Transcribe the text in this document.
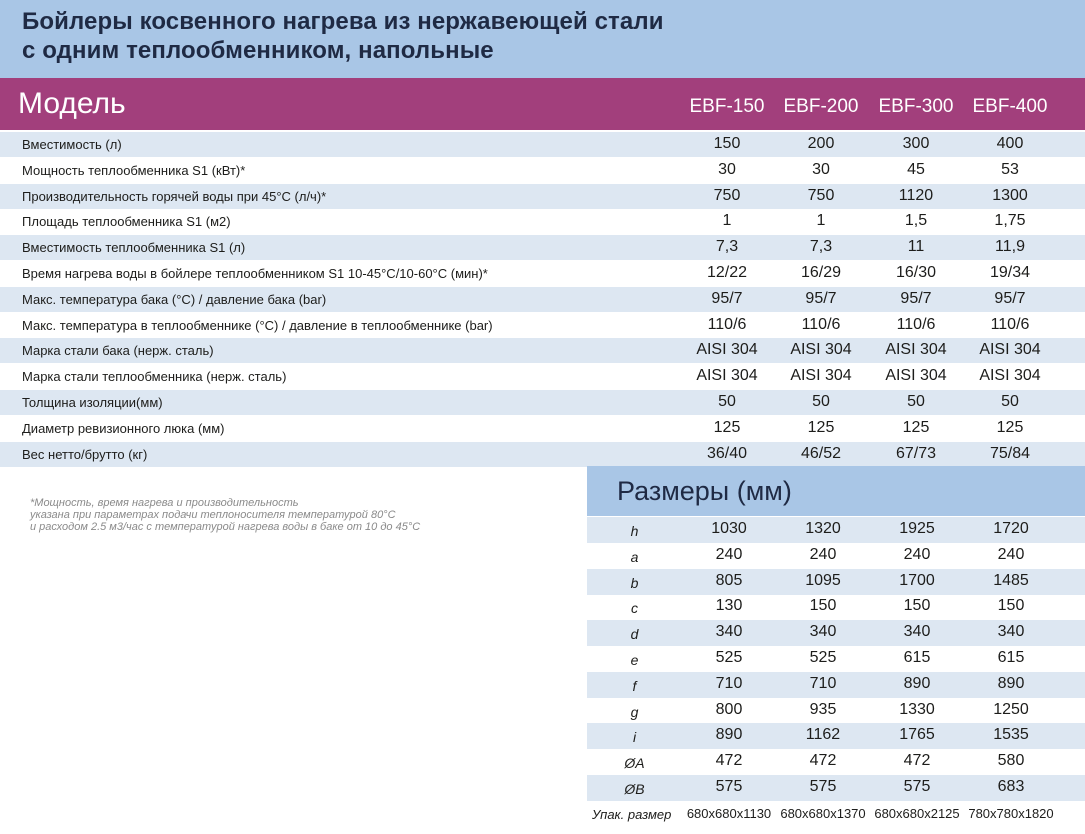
Бойлеры косвенного нагрева из нержавеющей стали
с одним теплообменником, напольные
Модель	EBF-150	EBF-200	EBF-300	EBF-400
Вместимость (л)	150	200	300	400
Мощность теплообменника S1 (кВт)*	30	30	45	53
Производительность горячей воды при 45°С (л/ч)*	750	750	1120	1300
Площадь теплообменника S1 (м2)	1	1	1,5	1,75
Вместимость теплообменника S1 (л)	7,3	7,3	11	11,9
Время нагрева воды в бойлере теплообменником S1 10-45°С/10-60°С (мин)*	12/22	16/29	16/30	19/34
Макс. температура бака (°С) / давление бака (bar)	95/7	95/7	95/7	95/7
Макс. температура в теплообменнике (°С) / давление в теплообменнике (bar)	110/6	110/6	110/6	110/6
Марка стали бака (нерж. сталь)	AISI 304	AISI 304	AISI 304	AISI 304
Марка стали теплообменника (нерж. сталь)	AISI 304	AISI 304	AISI 304	AISI 304
Толщина изоляции(мм)	50	50	50	50
Диаметр ревизионного люка (мм)	125	125	125	125
Вес нетто/брутто (кг)	36/40	46/52	67/73	75/84
*Мощность, время нагрева и производительность
указана при параметрах подачи теплоносителя температурой 80°С
и расходом 2.5 м3/час с температурой нагрева воды в баке от 10 до 45°С
Размеры (мм)
h	1030	1320	1925	1720
a	240	240	240	240
b	805	1095	1700	1485
c	130	150	150	150
d	340	340	340	340
e	525	525	615	615
f	710	710	890	890
g	800	935	1330	1250
i	890	1162	1765	1535
ØA	472	472	472	580
ØB	575	575	575	683
Упак. размер	680x680x1130 680x680x1370 680x680x2125 780x780x1820
